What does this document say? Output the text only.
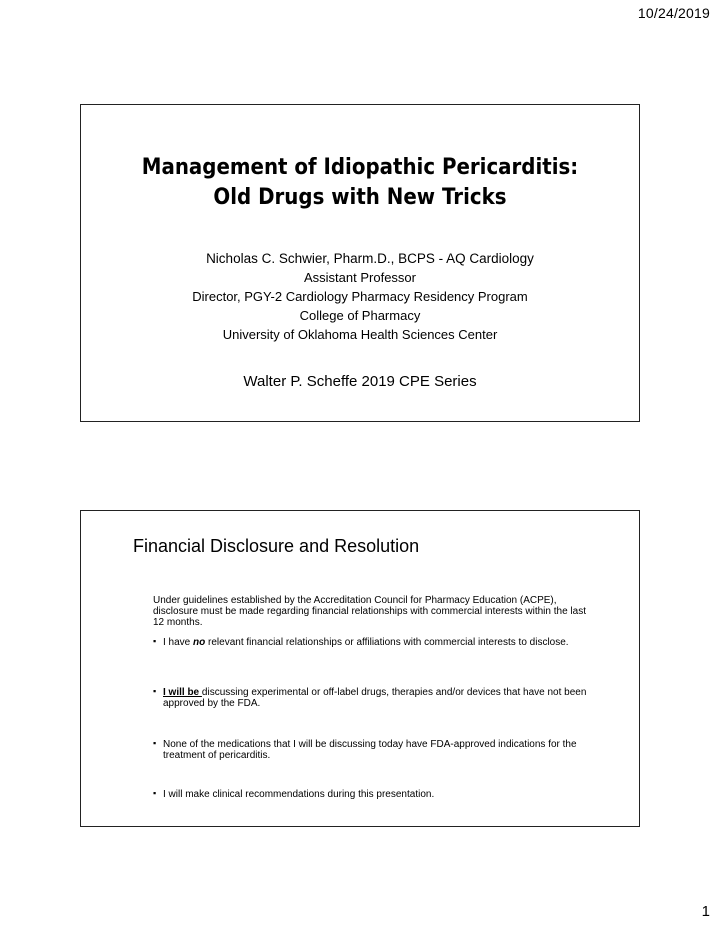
10/24/2019
Management of Idiopathic Pericarditis:
Old Drugs with New Tricks
Nicholas C. Schwier, Pharm.D., BCPS - AQ Cardiology
Assistant Professor
Director, PGY-2 Cardiology Pharmacy Residency Program
College of Pharmacy
University of Oklahoma Health Sciences Center
Walter P. Scheffe 2019 CPE Series
Financial Disclosure and Resolution
Under guidelines established by the Accreditation Council for Pharmacy Education (ACPE), disclosure must be made regarding financial relationships with commercial interests within the last 12 months.
▪ I have no relevant financial relationships or affiliations with commercial interests to disclose.
▪ I will be discussing experimental or off-label drugs, therapies and/or devices that have not been approved by the FDA.
▪ None of the medications that I will be discussing today have FDA-approved indications for the treatment of pericarditis.
▪ I will make clinical recommendations during this presentation.
1
